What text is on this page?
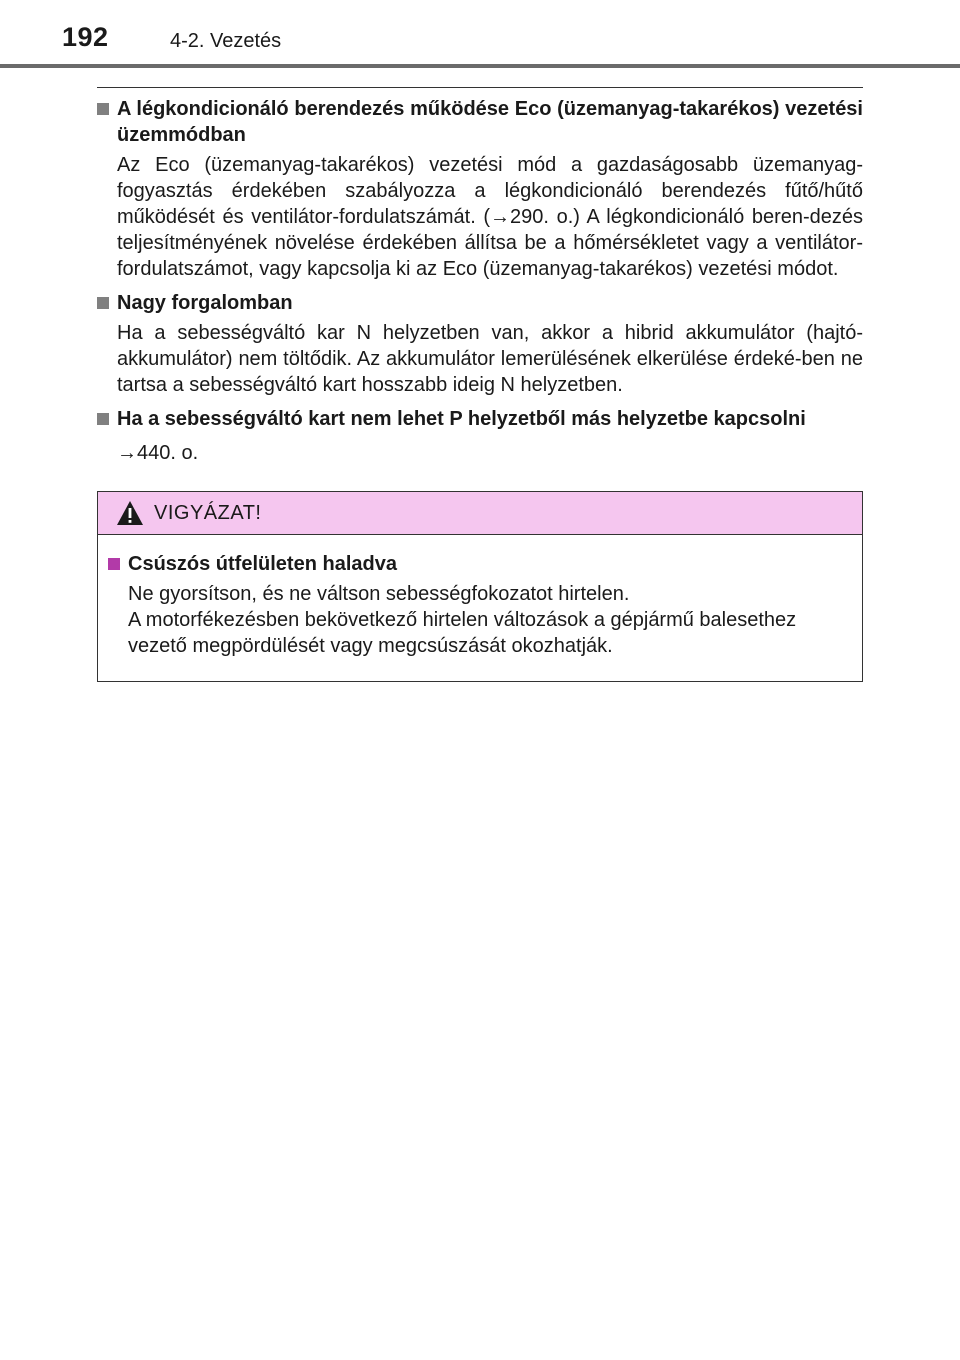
192	4-2. Vezetés
A légkondicionáló berendezés működése Eco (üzemanyag-takarékos) vezetési üzemmódban
Az Eco (üzemanyag-takarékos) vezetési mód a gazdaságosabb üzemanyag-fogyasztás érdekében szabályozza a légkondicionáló berendezés fűtő/hűtő működését és ventilátor-fordulatszámát. (→290. o.) A légkondicionáló beren-dezés teljesítményének növelése érdekében állítsa be a hőmérsékletet vagy a ventilátor-fordulatszámot, vagy kapcsolja ki az Eco (üzemanyag-takarékos) vezetési módot.
Nagy forgalomban
Ha a sebességváltó kar N helyzetben van, akkor a hibrid akkumulátor (hajtó-akkumulátor) nem töltődik. Az akkumulátor lemerülésének elkerülése érdeké-ben ne tartsa a sebességváltó kart hosszabb ideig N helyzetben.
Ha a sebességváltó kart nem lehet P helyzetből más helyzetbe kapcsolni
→440. o.
VIGYÁZAT!
Csúszós útfelületen haladva
Ne gyorsítson, és ne váltson sebességfokozatot hirtelen.
A motorfékezésben bekövetkező hirtelen változások a gépjármű balesethez vezető megpördülését vagy megcsúszását okozhatják.
